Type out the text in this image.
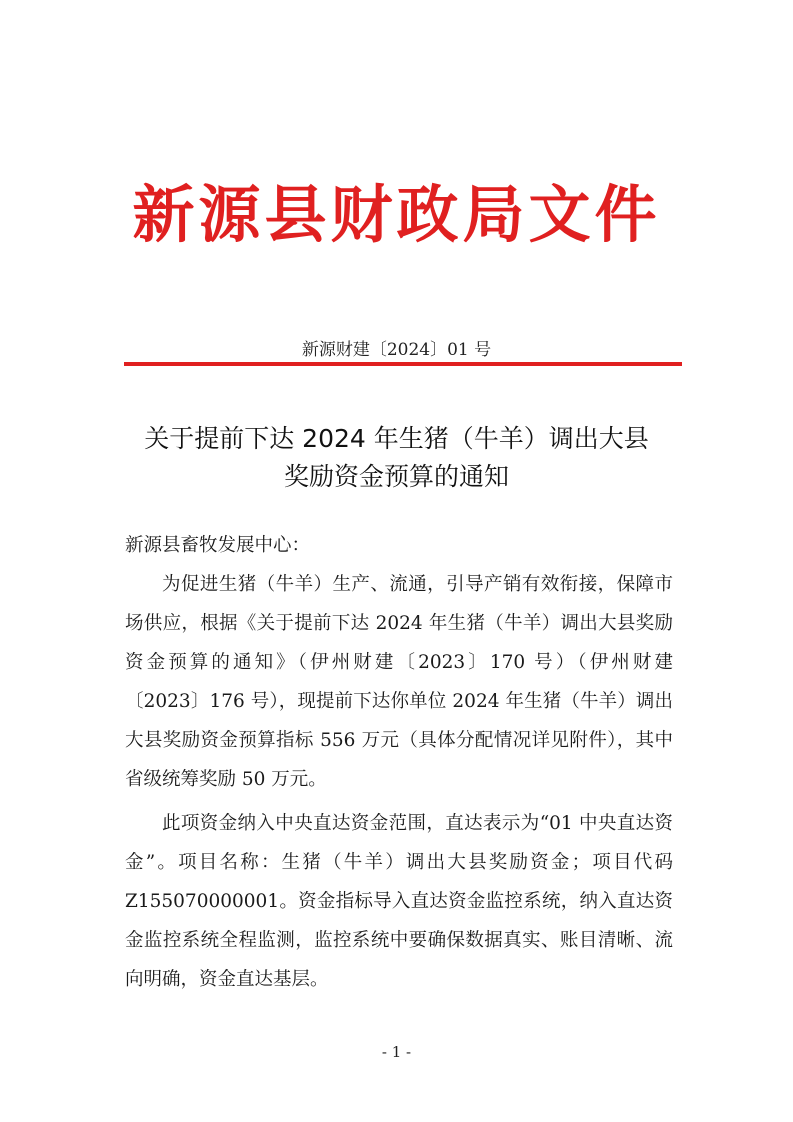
新源县财政局文件
新源财建〔2024〕01 号
关于提前下达 2024 年生猪（牛羊）调出大县
奖励资金预算的通知

新源县畜牧发展中心：

为促进生猪（牛羊）生产、流通，引导产销有效衔接，保障市场供应，根据《关于提前下达 2024 年生猪（牛羊）调出大县奖励资金预算的通知》（伊州财建〔2023〕170 号）（伊州财建〔2023〕176 号），现提前下达你单位 2024 年生猪（牛羊）调出大县奖励资金预算指标 556 万元（具体分配情况详见附件），其中省级统筹奖励 50 万元。

此项资金纳入中央直达资金范围，直达表示为“01 中央直达资金”。项目名称：生猪（牛羊）调出大县奖励资金；项目代码 Z155070000001。资金指标导入直达资金监控系统，纳入直达资金监控系统全程监测，监控系统中要确保数据真实、账目清晰、流向明确，资金直达基层。

- 1 -
